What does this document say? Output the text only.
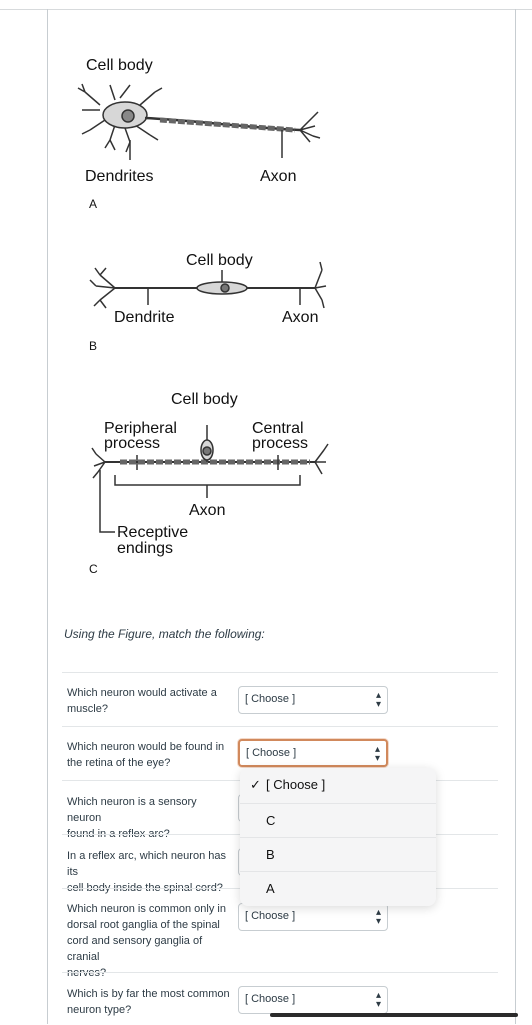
Cell body
Dendrites	Axon
Cell body
Dendrite	Axon
Cell body
Peripheral
process
Central
process
Axon
Receptive
endings
A
B
C
Using the Figure, match the following:
Which neuron would activate a
muscle?
[ Choose ]	▴
▾
Which neuron would be found in
the retina of the eye?
[ Choose ]	▴
▾
Which neuron is a sensory neuron
found in a reflex arc?
In a reflex arc, which neuron has its
cell body inside the spinal cord?
Which neuron is common only in
dorsal root ganglia of the spinal
cord and sensory ganglia of cranial
nerves?
[ Choose ]	▴
▾
Which is by far the most common
neuron type?
[ Choose ]	▴
▾
✓ [ Choose ]
C
B
A
